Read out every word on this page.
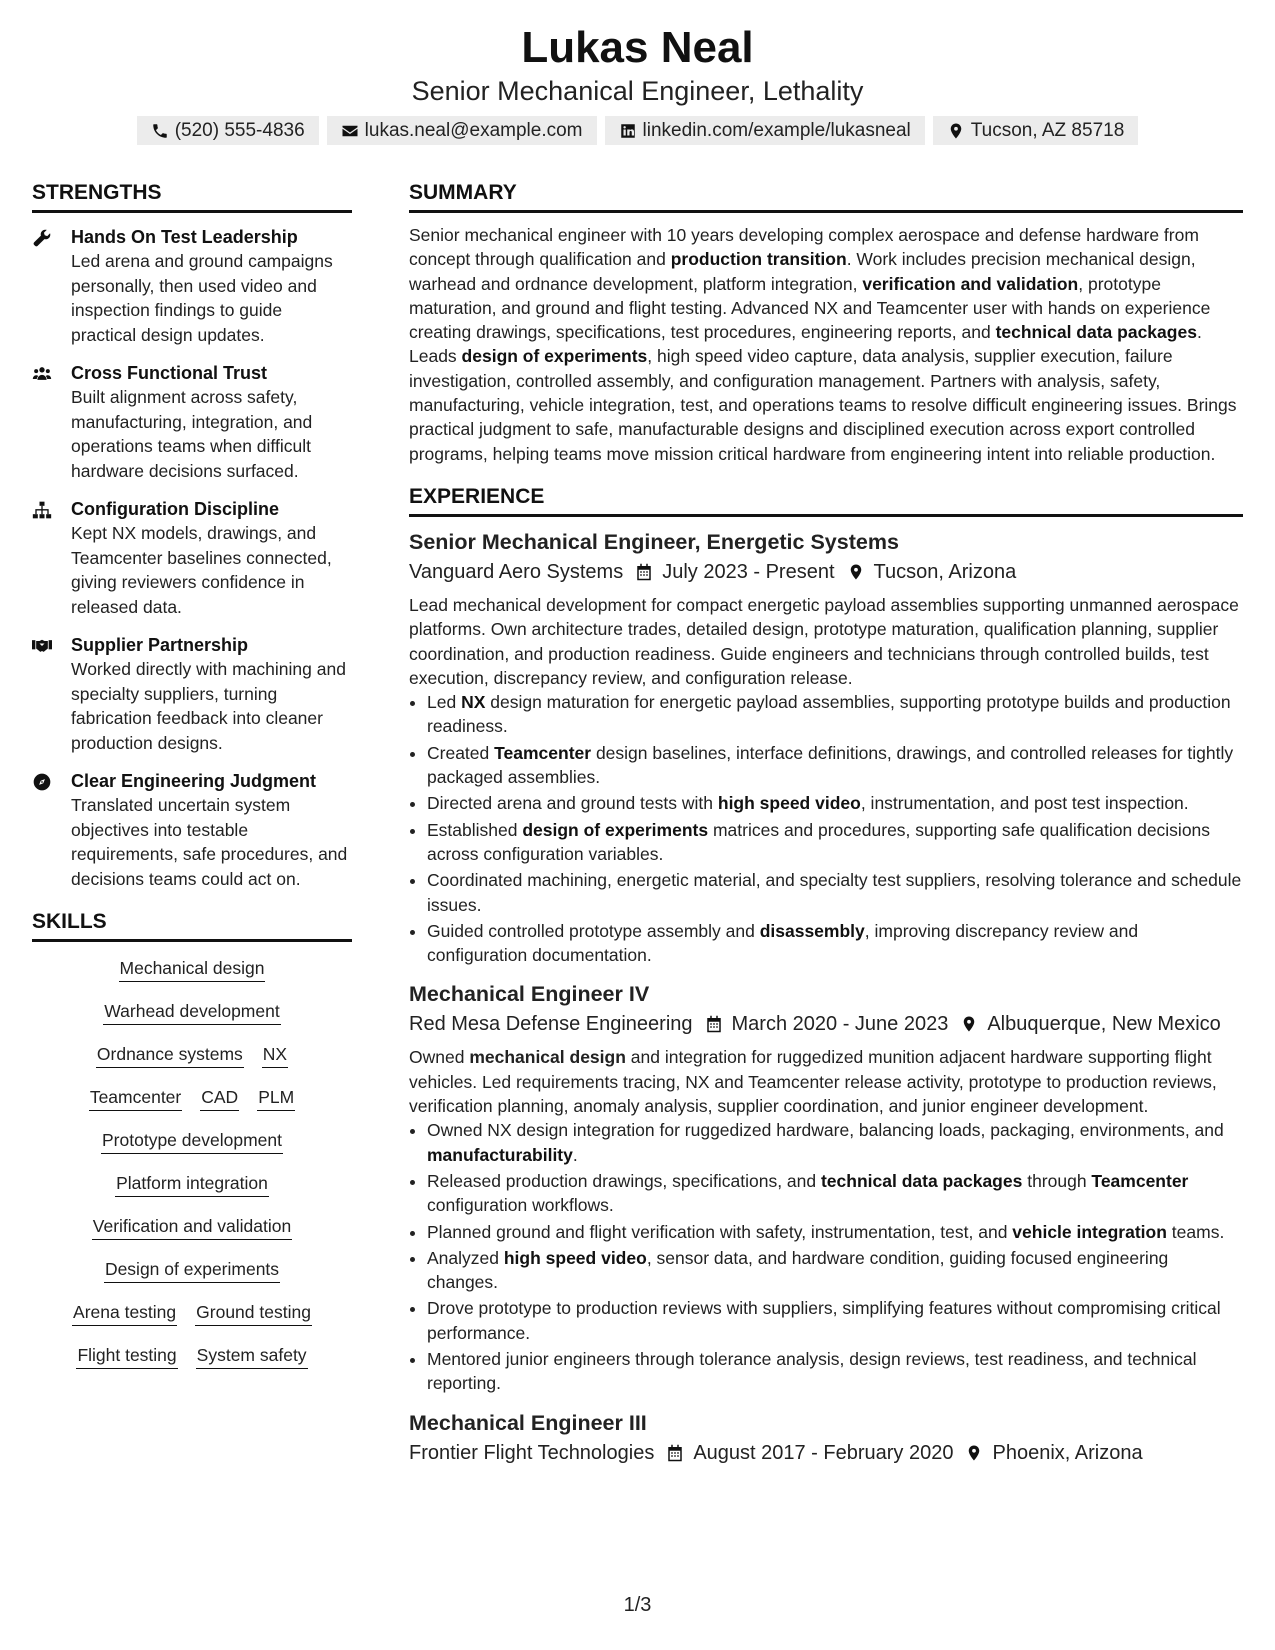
Lukas Neal
Senior Mechanical Engineer, Lethality
(520) 555-4836	lukas.neal@example.com	linkedin.com/example/lukasneal	Tucson, AZ 85718
STRENGTHS
Hands On Test Leadership
Led arena and ground campaigns personally, then used video and inspection findings to guide practical design updates.
Cross Functional Trust
Built alignment across safety, manufacturing, integration, and operations teams when difficult hardware decisions surfaced.
Configuration Discipline
Kept NX models, drawings, and Teamcenter baselines connected, giving reviewers confidence in released data.
Supplier Partnership
Worked directly with machining and specialty suppliers, turning fabrication feedback into cleaner production designs.
Clear Engineering Judgment
Translated uncertain system objectives into testable requirements, safe procedures, and decisions teams could act on.
SKILLS
Mechanical design
Warhead development
Ordnance systems NX
Teamcenter CAD PLM
Prototype development
Platform integration
Verification and validation
Design of experiments
Arena testing Ground testing
Flight testing System safety
SUMMARY

Senior mechanical engineer with 10 years developing complex aerospace and defense hardware from concept through qualification and production transition. Work includes precision mechanical design, warhead and ordnance development, platform integration, verification and validation, prototype maturation, and ground and flight testing. Advanced NX and Teamcenter user with hands on experience creating drawings, specifications, test procedures, engineering reports, and technical data packages. Leads design of experiments, high speed video capture, data analysis, supplier execution, failure investigation, controlled assembly, and configuration management. Partners with analysis, safety, manufacturing, vehicle integration, test, and operations teams to resolve difficult engineering issues. Brings practical judgment to safe, manufacturable designs and disciplined execution across export controlled programs, helping teams move mission critical hardware from engineering intent into reliable production.

EXPERIENCE
Senior Mechanical Engineer, Energetic Systems
Vanguard Aero Systems July 2023 - Present Tucson, Arizona

Lead mechanical development for compact energetic payload assemblies supporting unmanned aerospace platforms. Own architecture trades, detailed design, prototype maturation, qualification planning, supplier coordination, and production readiness. Guide engineers and technicians through controlled builds, test execution, discrepancy review, and configuration release.

• Led NX design maturation for energetic payload assemblies, supporting prototype builds and production readiness.
• Created Teamcenter design baselines, interface definitions, drawings, and controlled releases for tightly packaged assemblies.
• Directed arena and ground tests with high speed video, instrumentation, and post test inspection.
• Established design of experiments matrices and procedures, supporting safe qualification decisions across configuration variables.
• Coordinated machining, energetic material, and specialty test suppliers, resolving tolerance and schedule issues.
• Guided controlled prototype assembly and disassembly, improving discrepancy review and configuration documentation.
Mechanical Engineer IV
Red Mesa Defense Engineering March 2020 - June 2023 Albuquerque, New Mexico

Owned mechanical design and integration for ruggedized munition adjacent hardware supporting flight vehicles. Led requirements tracing, NX and Teamcenter release activity, prototype to production reviews, verification planning, anomaly analysis, supplier coordination, and junior engineer development.

• Owned NX design integration for ruggedized hardware, balancing loads, packaging, environments, and manufacturability.
• Released production drawings, specifications, and technical data packages through Teamcenter configuration workflows.
• Planned ground and flight verification with safety, instrumentation, test, and vehicle integration teams.
• Analyzed high speed video, sensor data, and hardware condition, guiding focused engineering changes.
• Drove prototype to production reviews with suppliers, simplifying features without compromising critical performance.
• Mentored junior engineers through tolerance analysis, design reviews, test readiness, and technical reporting.
Mechanical Engineer III
Frontier Flight Technologies August 2017 - February 2020 Phoenix, Arizona
1/3
